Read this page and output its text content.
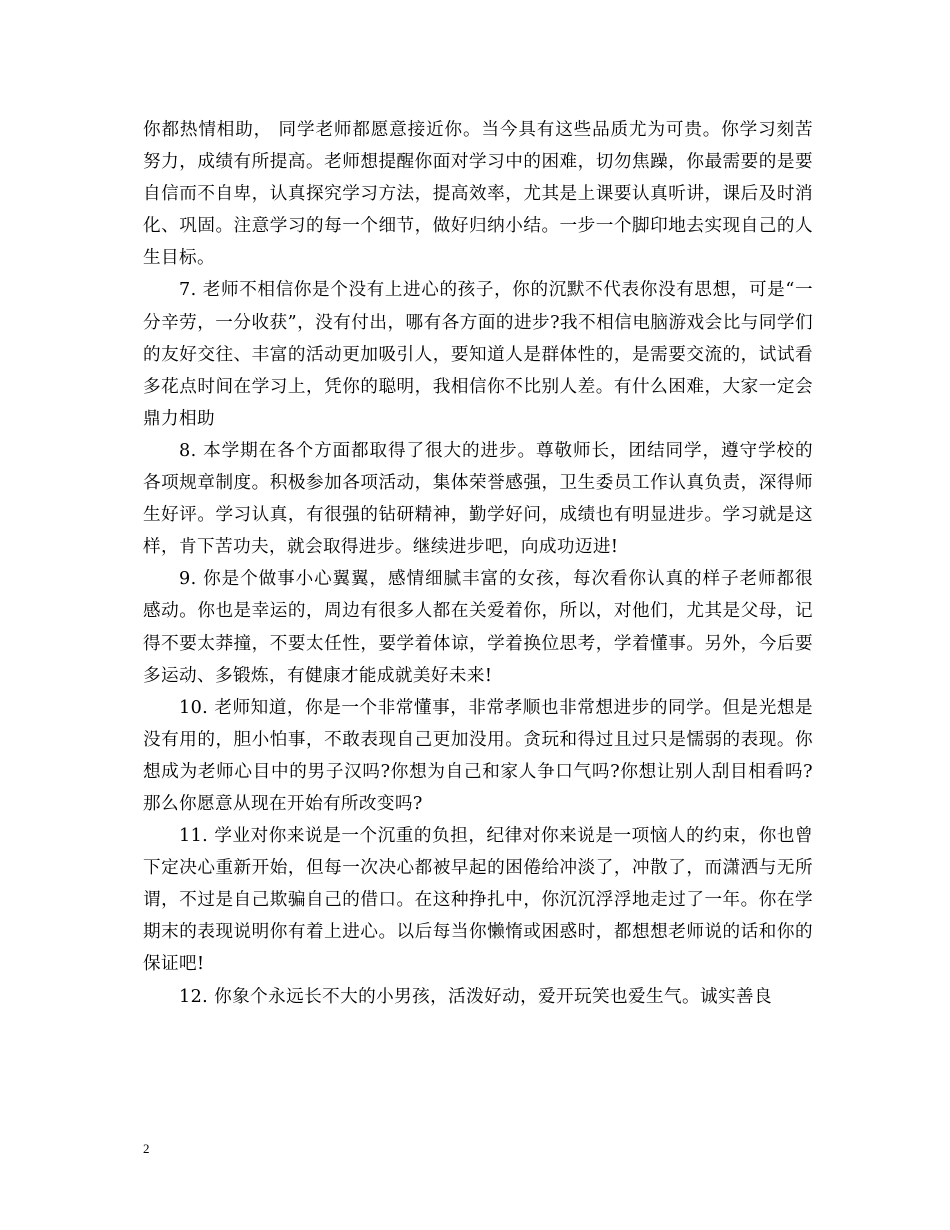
你都热情相助， 同学老师都愿意接近你。当今具有这些品质尤为可贵。你学习刻苦努力，成绩有所提高。老师想提醒你面对学习中的困难，切勿焦躁，你最需要的是要自信而不自卑，认真探究学习方法，提高效率，尤其是上课要认真听讲，课后及时消化、巩固。注意学习的每一个细节，做好归纳小结。一步一个脚印地去实现自己的人生目标。

7. 老师不相信你是个没有上进心的孩子，你的沉默不代表你没有思想，可是“一分辛劳，一分收获”，没有付出，哪有各方面的进步?我不相信电脑游戏会比与同学们的友好交往、丰富的活动更加吸引人，要知道人是群体性的，是需要交流的，试试看多花点时间在学习上，凭你的聪明，我相信你不比别人差。有什么困难，大家一定会鼎力相助

8. 本学期在各个方面都取得了很大的进步。尊敬师长，团结同学，遵守学校的各项规章制度。积极参加各项活动，集体荣誉感强，卫生委员工作认真负责，深得师生好评。学习认真，有很强的钻研精神，勤学好问，成绩也有明显进步。学习就是这样，肯下苦功夫，就会取得进步。继续进步吧，向成功迈进!

9. 你是个做事小心翼翼，感情细腻丰富的女孩，每次看你认真的样子老师都很感动。你也是幸运的，周边有很多人都在关爱着你，所以，对他们，尤其是父母，记得不要太莽撞，不要太任性，要学着体谅，学着换位思考，学着懂事。另外，今后要多运动、多锻炼，有健康才能成就美好未来!

10. 老师知道，你是一个非常懂事，非常孝顺也非常想进步的同学。但是光想是没有用的，胆小怕事，不敢表现自己更加没用。贪玩和得过且过只是懦弱的表现。你想成为老师心目中的男子汉吗?你想为自己和家人争口气吗?你想让别人刮目相看吗?那么你愿意从现在开始有所改变吗?

11. 学业对你来说是一个沉重的负担，纪律对你来说是一项恼人的约束，你也曾下定决心重新开始，但每一次决心都被早起的困倦给冲淡了，冲散了，而潇洒与无所谓，不过是自己欺骗自己的借口。在这种挣扎中，你沉沉浮浮地走过了一年。你在学期末的表现说明你有着上进心。以后每当你懒惰或困惑时，都想想老师说的话和你的保证吧!

12. 你象个永远长不大的小男孩，活泼好动，爱开玩笑也爱生气。诚实善良

2
